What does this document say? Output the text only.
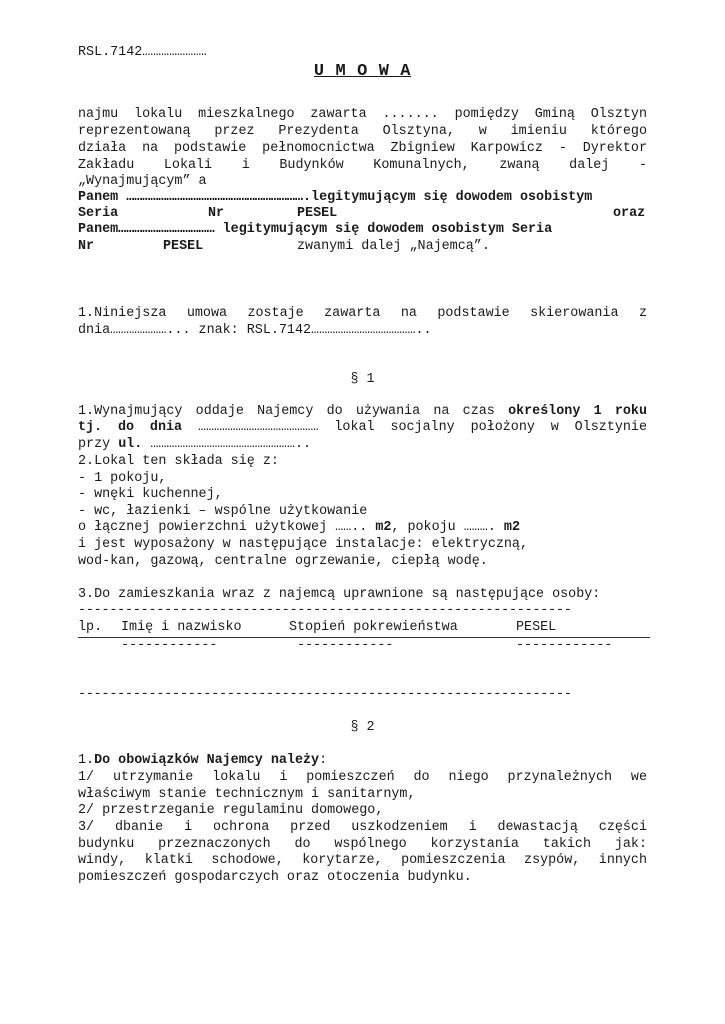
RSL.7142……………………
U M O W A
najmu lokalu mieszkalnego zawarta ....... pomiędzy Gminą Olsztyn
reprezentowaną przez Prezydenta Olsztyna, w imieniu którego
działa na podstawie pełnomocnictwa Zbigniew Karpowicz - Dyrektor
Zakładu Lokali i Budynków Komunalnych, zwaną dalej -
„Wynajmującym” a
Panem ………………………………………………………….legitymującym się dowodem osobistym
Seria	Nr	PESEL	oraz
Panem……………………………… legitymującym się dowodem osobistym Seria
Nr	PESEL	zwanymi dalej „Najemcą”.
1.Niniejsza umowa zostaje zawarta na podstawie skierowania z
dnia…………………... znak: RSL.7142…………………………………..
§ 1
1.Wynajmujący oddaje Najemcy do używania na czas określony 1 roku
tj. do dnia ……………………………………… lokal socjalny położony w Olsztynie
przy ul. ………………………………………………..
2.Lokal ten składa się z:
- 1 pokoju,
- wnęki kuchennej,
- wc, łazienki – wspólne użytkowanie
o łącznej powierzchni użytkowej …….. m2, pokoju ………. m2
i jest wyposażony w następujące instalacje: elektryczną,
wod-kan, gazową, centralne ogrzewanie, ciepłą wodę.
3.Do zamieszkania wraz z najemcą uprawnione są następujące osoby:
---------------------------------------------------------------
lp. Imię i nazwisko	Stopień pokrewieństwa	PESEL
------------	------------	------------
---------------------------------------------------------------
§ 2
1.Do obowiązków Najemcy należy:
1/ utrzymanie lokalu i pomieszczeń do niego przynależnych we
właściwym stanie technicznym i sanitarnym,
2/ przestrzeganie regulaminu domowego,
3/ dbanie i ochrona przed uszkodzeniem i dewastacją części
budynku przeznaczonych do wspólnego korzystania takich jak:
windy, klatki schodowe, korytarze, pomieszczenia zsypów, innych
pomieszczeń gospodarczych oraz otoczenia budynku.
